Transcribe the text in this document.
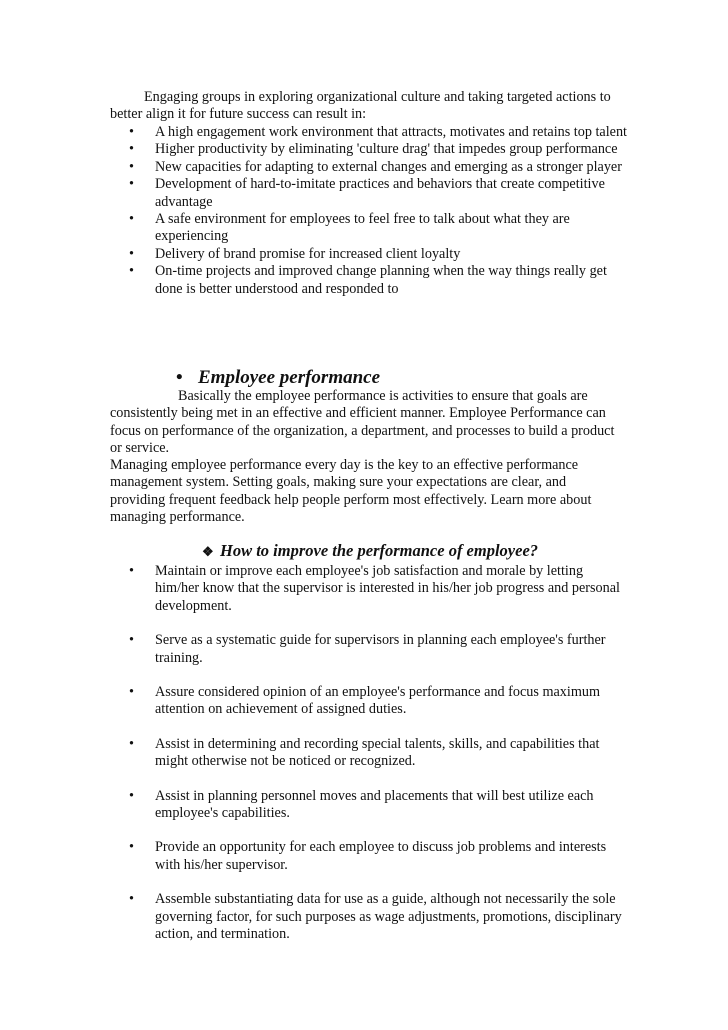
Engaging groups in exploring organizational culture and taking targeted actions to better align it for future success can result in:

• A high engagement work environment that attracts, motivates and retains top talent
• Higher productivity by eliminating 'culture drag' that impedes group performance
• New capacities for adapting to external changes and emerging as a stronger player
• Development of hard-to-imitate practices and behaviors that create competitive advantage
• A safe environment for employees to feel free to talk about what they are experiencing
• Delivery of brand promise for increased client loyalty
• On-time projects and improved change planning when the way things really get done is better understood and responded to
• Employee performance

Basically the employee performance is activities to ensure that goals are consistently being met in an effective and efficient manner. Employee Performance can focus on performance of the organization, a department, and processes to build a product or service.

Managing employee performance every day is the key to an effective performance management system. Setting goals, making sure your expectations are clear, and providing frequent feedback help people perform most effectively. Learn more about managing performance.

❖ How to improve the performance of employee?
• Maintain or improve each employee's job satisfaction and morale by letting him/her know that the supervisor is interested in his/her job progress and personal development.
• Serve as a systematic guide for supervisors in planning each employee's further training.
• Assure considered opinion of an employee's performance and focus maximum attention on achievement of assigned duties.
• Assist in determining and recording special talents, skills, and capabilities that might otherwise not be noticed or recognized.
• Assist in planning personnel moves and placements that will best utilize each employee's capabilities.
• Provide an opportunity for each employee to discuss job problems and interests with his/her supervisor.
• Assemble substantiating data for use as a guide, although not necessarily the sole governing factor, for such purposes as wage adjustments, promotions, disciplinary action, and termination.
